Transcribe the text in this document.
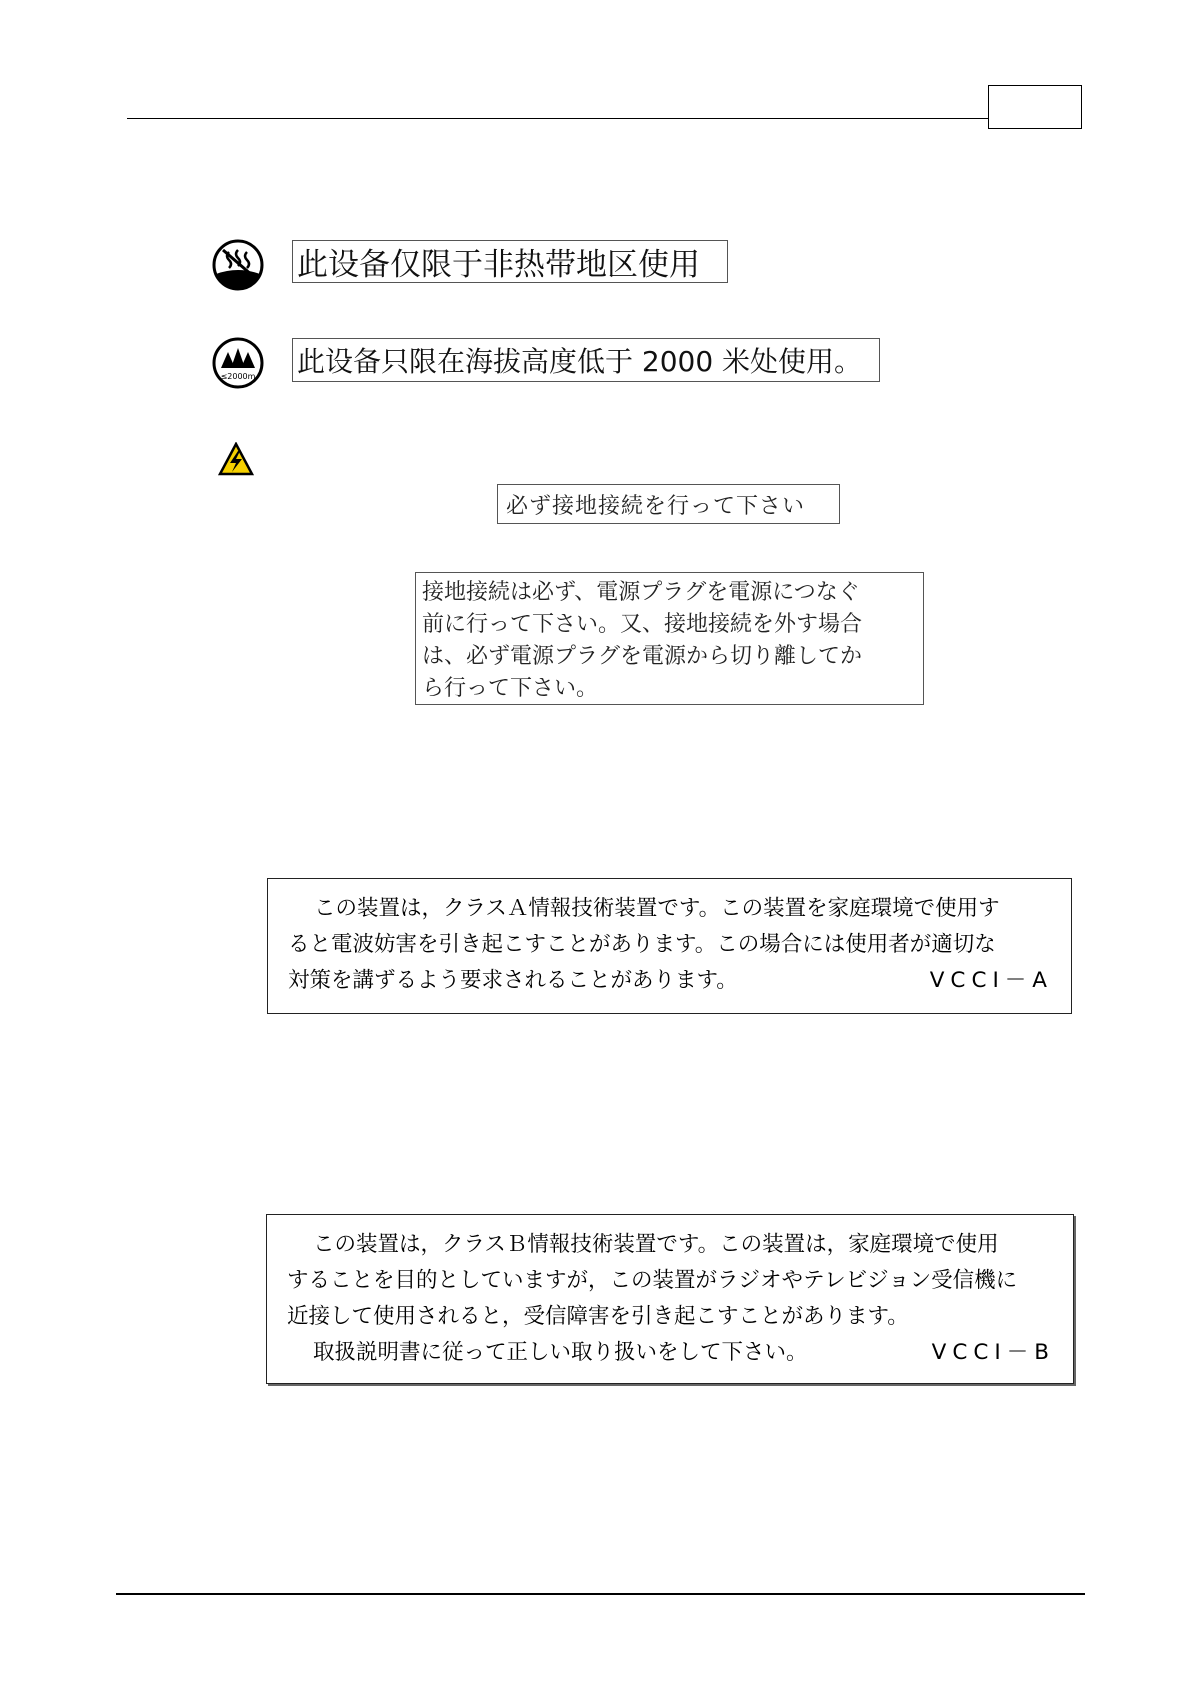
此设备仅限于非热带地区使用
≤2000m 此设备只限在海拔高度低于 2000 米处使用。
必ず接地接続を行って下さい
接地接続は必ず、電源プラグを電源につなぐ
前に行って下さい。又、接地接続を外す場合
は、必ず電源プラグを電源から切り離してか
ら行って下さい。
この装置は，クラスＡ情報技術装置です。この装置を家庭環境で使用す
ると電波妨害を引き起こすことがあります。この場合には使用者が適切な
対策を講ずるよう要求されることがあります。	VCCI－A
この装置は，クラスＢ情報技術装置です。この装置は，家庭環境で使用
することを目的としていますが，この装置がラジオやテレビジョン受信機に
近接して使用されると，受信障害を引き起こすことがあります。
取扱説明書に従って正しい取り扱いをして下さい。	VCCI－B
